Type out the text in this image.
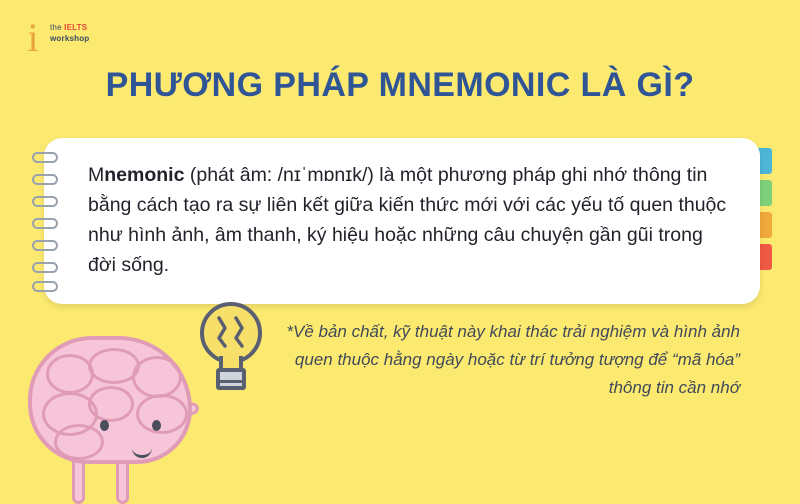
i	the IELTS
workshop
PHƯƠNG PHÁP MNEMONIC LÀ GÌ?
Mnemonic (phát âm: /nɪˈmɒnɪk/) là một phương pháp ghi nhớ thông tin bằng cách tạo ra sự liên kết giữa kiến thức mới với các yếu tố quen thuộc như hình ảnh, âm thanh, ký hiệu hoặc những câu chuyện gần gũi trong đời sống.
*Về bản chất, kỹ thuật này khai thác trải nghiệm và hình ảnh quen thuộc hằng ngày hoặc từ trí tưởng tượng để “mã hóa” thông tin cần nhớ
